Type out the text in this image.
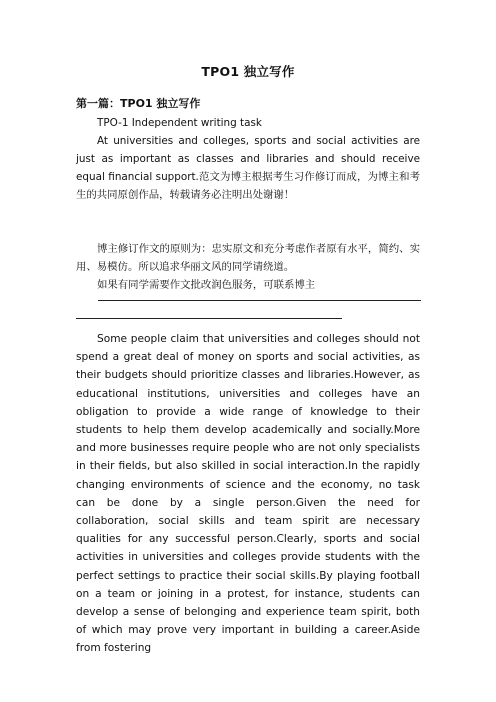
TPO1 独立写作
第一篇：TPO1 独立写作

TPO-1 Independent writing task

At universities and colleges, sports and social activities are just as important as classes and libraries and should receive equal financial support.范文为博主根据考生习作修订而成，为博主和考生的共同原创作品，转载请务必注明出处谢谢！

博主修订作文的原则为：忠实原文和充分考虑作者原有水平，简约、实用、易模仿。所以追求华丽文风的同学请绕道。

如果有同学需要作文批改润色服务，可联系博主

Some people claim that universities and colleges should not spend a great deal of money on sports and social activities, as their budgets should prioritize classes and libraries.However, as educational institutions, universities and colleges have an obligation to provide a wide range of knowledge to their students to help them develop academically and socially.More and more businesses require people who are not only specialists in their fields, but also skilled in social interaction.In the rapidly changing environments of science and the economy, no task can be done by a single person.Given the need for collaboration, social skills and team spirit are necessary qualities for any successful person.Clearly, sports and social activities in universities and colleges provide students with the perfect settings to practice their social skills.By playing football on a team or joining in a protest, for instance, students can develop a sense of belonging and experience team spirit, both of which may prove very important in building a career.Aside from fostering
